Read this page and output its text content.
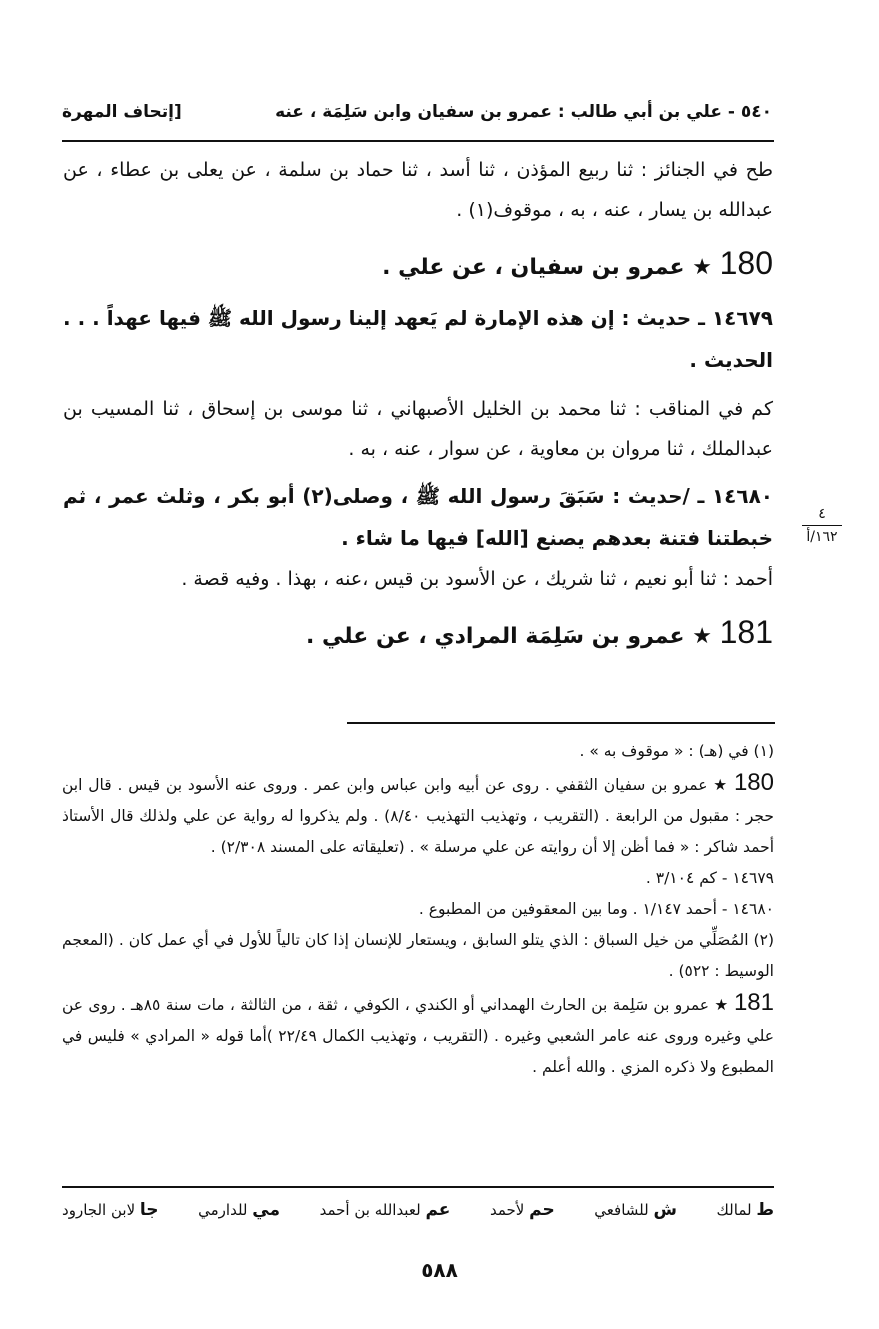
٥٤٠ - علي بن أبي طالب : عمرو بن سفيان وابن سَلِمَة ، عنه
[إتحاف المهرة

طح في الجنائز : ثنا ربيع المؤذن ، ثنا أسد ، ثنا حماد بن سلمة ، عن يعلى بن عطاء ، عن عبدالله بن يسار ، عنه ، به ، موقوف(١) .

180 ★ عمرو بن سفيان ، عن علي .

١٤٦٧٩ ـ حديث : إن هذه الإمارة لم يَعهد إلينا رسول الله ﷺ فيها عهداً . . . الحديث .

كم في المناقب : ثنا محمد بن الخليل الأصبهاني ، ثنا موسى بن إسحاق ، ثنا المسيب بن عبدالملك ، ثنا مروان بن معاوية ، عن سوار ، عنه ، به .

١٤٦٨٠ ـ /حديث : سَبَقَ رسول الله ﷺ ، وصلى(٢) أبو بكر ، وثلث عمر ، ثم خبطتنا فتنة بعدهم يصنع [الله] فيها ما شاء .

أحمد : ثنا أبو نعيم ، ثنا شريك ، عن الأسود بن قيس ،عنه ، بهذا . وفيه قصة .

181 ★ عمرو بن سَلِمَة المرادي ، عن علي .
٤
١٦٢/أ

(١) في (هـ) : « موقوف به » .

180 ★ عمرو بن سفيان الثقفي . روى عن أبيه وابن عباس وابن عمر . وروى عنه الأسود بن قيس . قال ابن حجر : مقبول من الرابعة . (التقريب ، وتهذيب التهذيب ٨/٤٠) . ولم يذكروا له رواية عن علي ولذلك قال الأستاذ أحمد شاكر : « فما أظن إلا أن روايته عن علي مرسلة » . (تعليقاته على المسند ٢/٣٠٨) .

١٤٦٧٩ - كم ٣/١٠٤ .

١٤٦٨٠ - أحمد ١/١٤٧ . وما بين المعقوفين من المطبوع .

(٢) المُصَلِّي من خيل السباق : الذي يتلو السابق ، ويستعار للإنسان إذا كان تالياً للأول في أي عمل كان . (المعجم الوسيط : ٥٢٢) .

181 ★ عمرو بن سَلِمة بن الحارث الهمداني أو الكندي ، الكوفي ، ثقة ، من الثالثة ، مات سنة ٨٥هـ . روى عن علي وغيره وروى عنه عامر الشعبي وغيره . (التقريب ، وتهذيب الكمال ٢٢/٤٩ )أما قوله « المرادي » فليس في المطبوع ولا ذكره المزي . والله أعلم .

ط لمالك
ش للشافعي
حم لأحمد
عم لعبدالله بن أحمد
مي للدارمي
جا لابن الجارود
٥٨٨
